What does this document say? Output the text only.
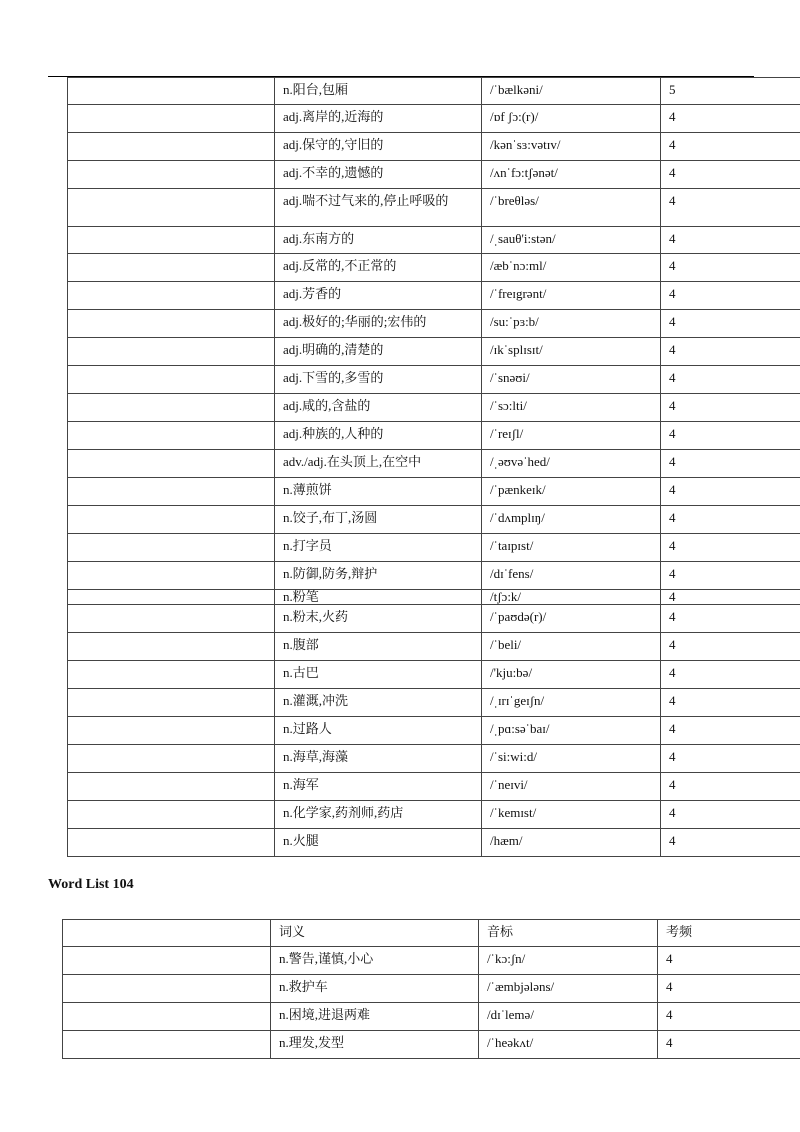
	n.阳台,包厢	/ˈbælkəni/	5
	adj.离岸的,近海的	/ɒf ʃɔ:(r)/	4
	adj.保守的,守旧的	/kənˈsɜ:vətɪv/	4
	adj.不幸的,遗憾的	/ʌnˈfɔ:tʃənət/	4
	adj.喘不过气来的,停止呼吸的	/ˈbreθləs/	4
	adj.东南方的	/ˌsauθ'i:stən/	4
	adj.反常的,不正常的	/æbˈnɔ:ml/	4
	adj.芳香的	/ˈfreɪgrənt/	4
	adj.极好的;华丽的;宏伟的	/su:ˈpɜ:b/	4
	adj.明确的,清楚的	/ɪkˈsplɪsɪt/	4
	adj.下雪的,多雪的	/ˈsnəʊi/	4
	adj.咸的,含盐的	/ˈsɔ:lti/	4
	adj.种族的,人种的	/ˈreɪʃl/	4
	adv./adj.在头顶上,在空中	/ˌəʊvəˈhed/	4
	n.薄煎饼	/ˈpænkeɪk/	4
	n.饺子,布丁,汤圆	/ˈdʌmplɪŋ/	4
	n.打字员	/ˈtaɪpɪst/	4
	n.防御,防务,辩护	/dɪˈfens/	4
	n.粉笔	/tʃɔ:k/	4
	n.粉末,火药	/ˈpaʊdə(r)/	4
	n.腹部	/ˈbeli/	4
	n.古巴	/'kju:bə/	4
	n.灌溉,冲洗	/ˌɪrɪˈgeɪʃn/	4
	n.过路人	/ˌpɑ:səˈbaɪ/	4
	n.海草,海藻	/ˈsi:wi:d/	4
	n.海军	/ˈneɪvi/	4
	n.化学家,药剂师,药店	/ˈkemɪst/	4
	n.火腿	/hæm/	4
Word List 104
	词义	音标	考频
	n.警告,谨慎,小心	/ˈkɔ:ʃn/	4
	n.救护车	/ˈæmbjələns/	4
	n.困境,进退两难	/dɪˈlemə/	4
	n.理发,发型	/ˈheəkʌt/	4
